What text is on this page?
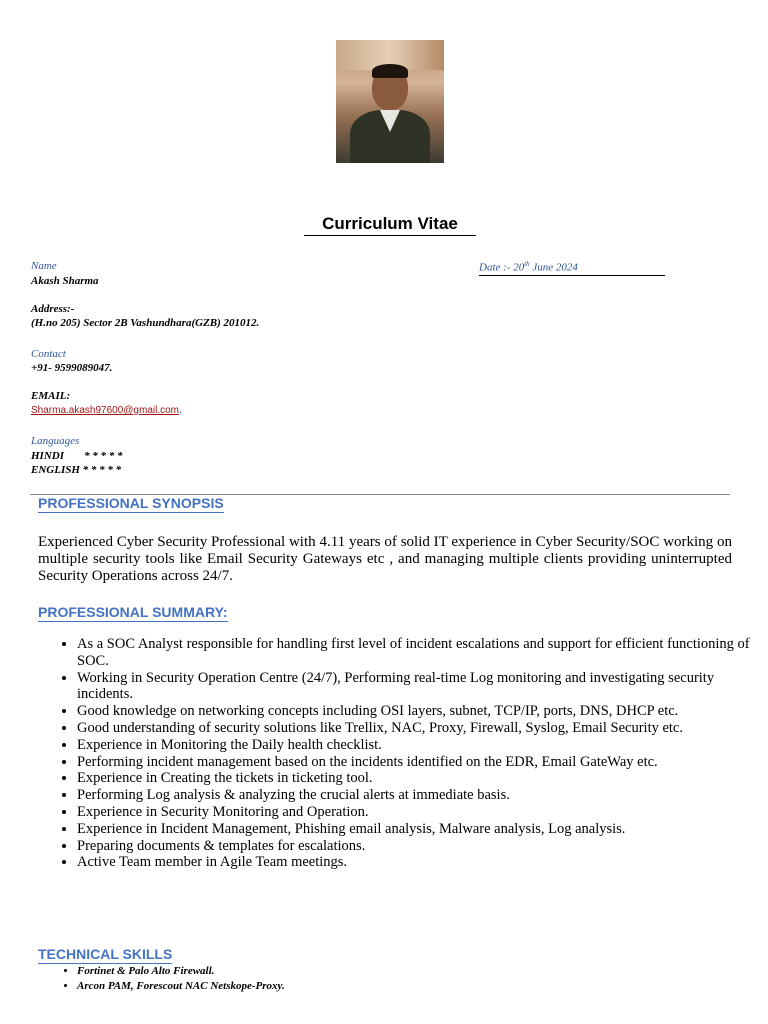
Curriculum Vitae
Name
Akash Sharma
Date :- 20th June 2024
Address:-
(H.no 205) Sector 2B Vashundhara(GZB) 201012.
Contact
+91- 9599089047.
EMAIL:
Sharma.akash97600@gmail.com.
Languages
HINDI * * * * *
ENGLISH * * * * *
PROFESSIONAL SYNOPSIS
Experienced Cyber Security Professional with 4.11 years of solid IT experience in Cyber Security/SOC working on multiple security tools like Email Security Gateways etc , and managing multiple clients providing uninterrupted Security Operations across 24/7.
PROFESSIONAL SUMMARY:
• As a SOC Analyst responsible for handling first level of incident escalations and support for efficient functioning of SOC.
• Working in Security Operation Centre (24/7), Performing real-time Log monitoring and investigating security incidents.
• Good knowledge on networking concepts including OSI layers, subnet, TCP/IP, ports, DNS, DHCP etc.
• Good understanding of security solutions like Trellix, NAC, Proxy, Firewall, Syslog, Email Security etc.
• Experience in Monitoring the Daily health checklist.
• Performing incident management based on the incidents identified on the EDR, Email GateWay etc.
• Experience in Creating the tickets in ticketing tool.
• Performing Log analysis & analyzing the crucial alerts at immediate basis.
• Experience in Security Monitoring and Operation.
• Experience in Incident Management, Phishing email analysis, Malware analysis, Log analysis.
• Preparing documents & templates for escalations.
• Active Team member in Agile Team meetings.
TECHNICAL SKILLS
• Fortinet & Palo Alto Firewall.
• Arcon PAM, Forescout NAC Netskope-Proxy.
